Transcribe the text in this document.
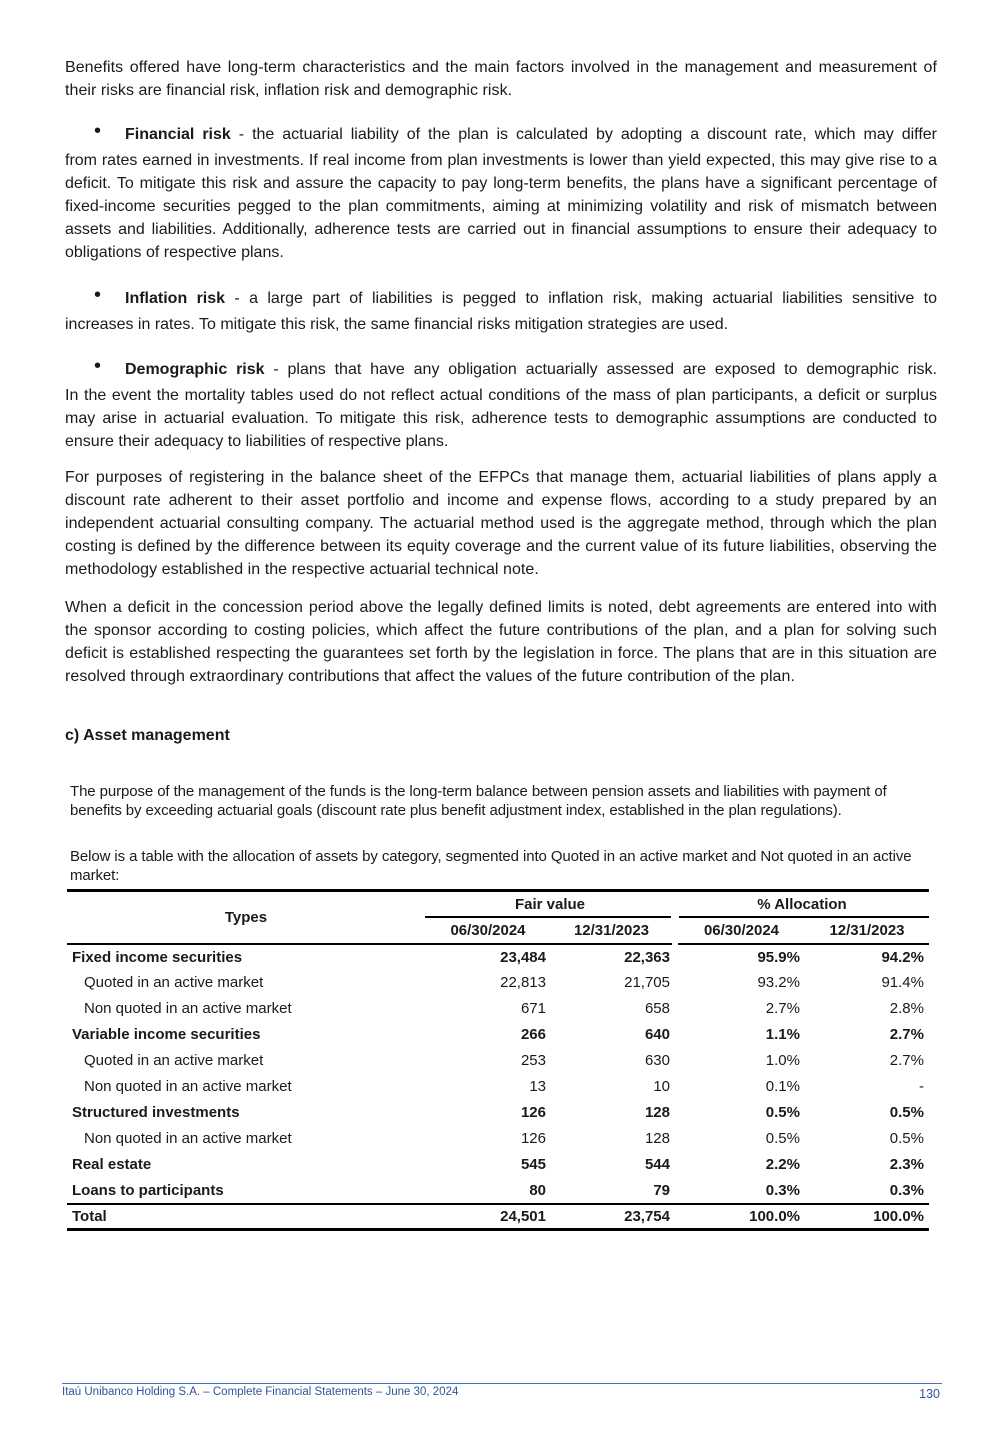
Benefits offered have long-term characteristics and the main factors involved in the management and measurement of their risks are financial risk, inflation risk and demographic risk.

• Financial risk - the actuarial liability of the plan is calculated by adopting a discount rate, which may differ

from rates earned in investments. If real income from plan investments is lower than yield expected, this may give rise to a deficit. To mitigate this risk and assure the capacity to pay long-term benefits, the plans have a significant percentage of fixed-income securities pegged to the plan commitments, aiming at minimizing volatility and risk of mismatch between assets and liabilities. Additionally, adherence tests are carried out in financial assumptions to ensure their adequacy to obligations of respective plans.

• Inflation risk - a large part of liabilities is pegged to inflation risk, making actuarial liabilities sensitive to

increases in rates. To mitigate this risk, the same financial risks mitigation strategies are used.

• Demographic risk - plans that have any obligation actuarially assessed are exposed to demographic risk.

In the event the mortality tables used do not reflect actual conditions of the mass of plan participants, a deficit or surplus may arise in actuarial evaluation. To mitigate this risk, adherence tests to demographic assumptions are conducted to ensure their adequacy to liabilities of respective plans.

For purposes of registering in the balance sheet of the EFPCs that manage them, actuarial liabilities of plans apply a discount rate adherent to their asset portfolio and income and expense flows, according to a study prepared by an independent actuarial consulting company. The actuarial method used is the aggregate method, through which the plan costing is defined by the difference between its equity coverage and the current value of its future liabilities, observing the methodology established in the respective actuarial technical note.

When a deficit in the concession period above the legally defined limits is noted, debt agreements are entered into with the sponsor according to costing policies, which affect the future contributions of the plan, and a plan for solving such deficit is established respecting the guarantees set forth by the legislation in force. The plans that are in this situation are resolved through extraordinary contributions that affect the values of the future contribution of the plan.

c) Asset management

The purpose of the management of the funds is the long-term balance between pension assets and liabilities with payment of benefits by exceeding actuarial goals (discount rate plus benefit adjustment index, established in the plan regulations).

Below is a table with the allocation of assets by category, segmented into Quoted in an active market and Not quoted in an active market:

Types	Fair value		% Allocation	

	06/30/2024	12/31/2023	06/30/2024	12/31/2023
Fixed income securities	23,484	22,363	95.9%	94.2%
Quoted in an active market	22,813	21,705	93.2%	91.4%
Non quoted in an active market	671	658	2.7%	2.8%
Variable income securities	266	640	1.1%	2.7%
Quoted in an active market	253	630	1.0%	2.7%
Non quoted in an active market	13	10	0.1%	-
Structured investments	126	128	0.5%	0.5%
Non quoted in an active market	126	128	0.5%	0.5%
Real estate	545	544	2.2%	2.3%
Loans to participants	80	79	0.3%	0.3%
Total	24,501	23,754	100.0%	100.0%
Itaú Unibanco Holding S.A. – Complete Financial Statements – June 30, 2024	130
